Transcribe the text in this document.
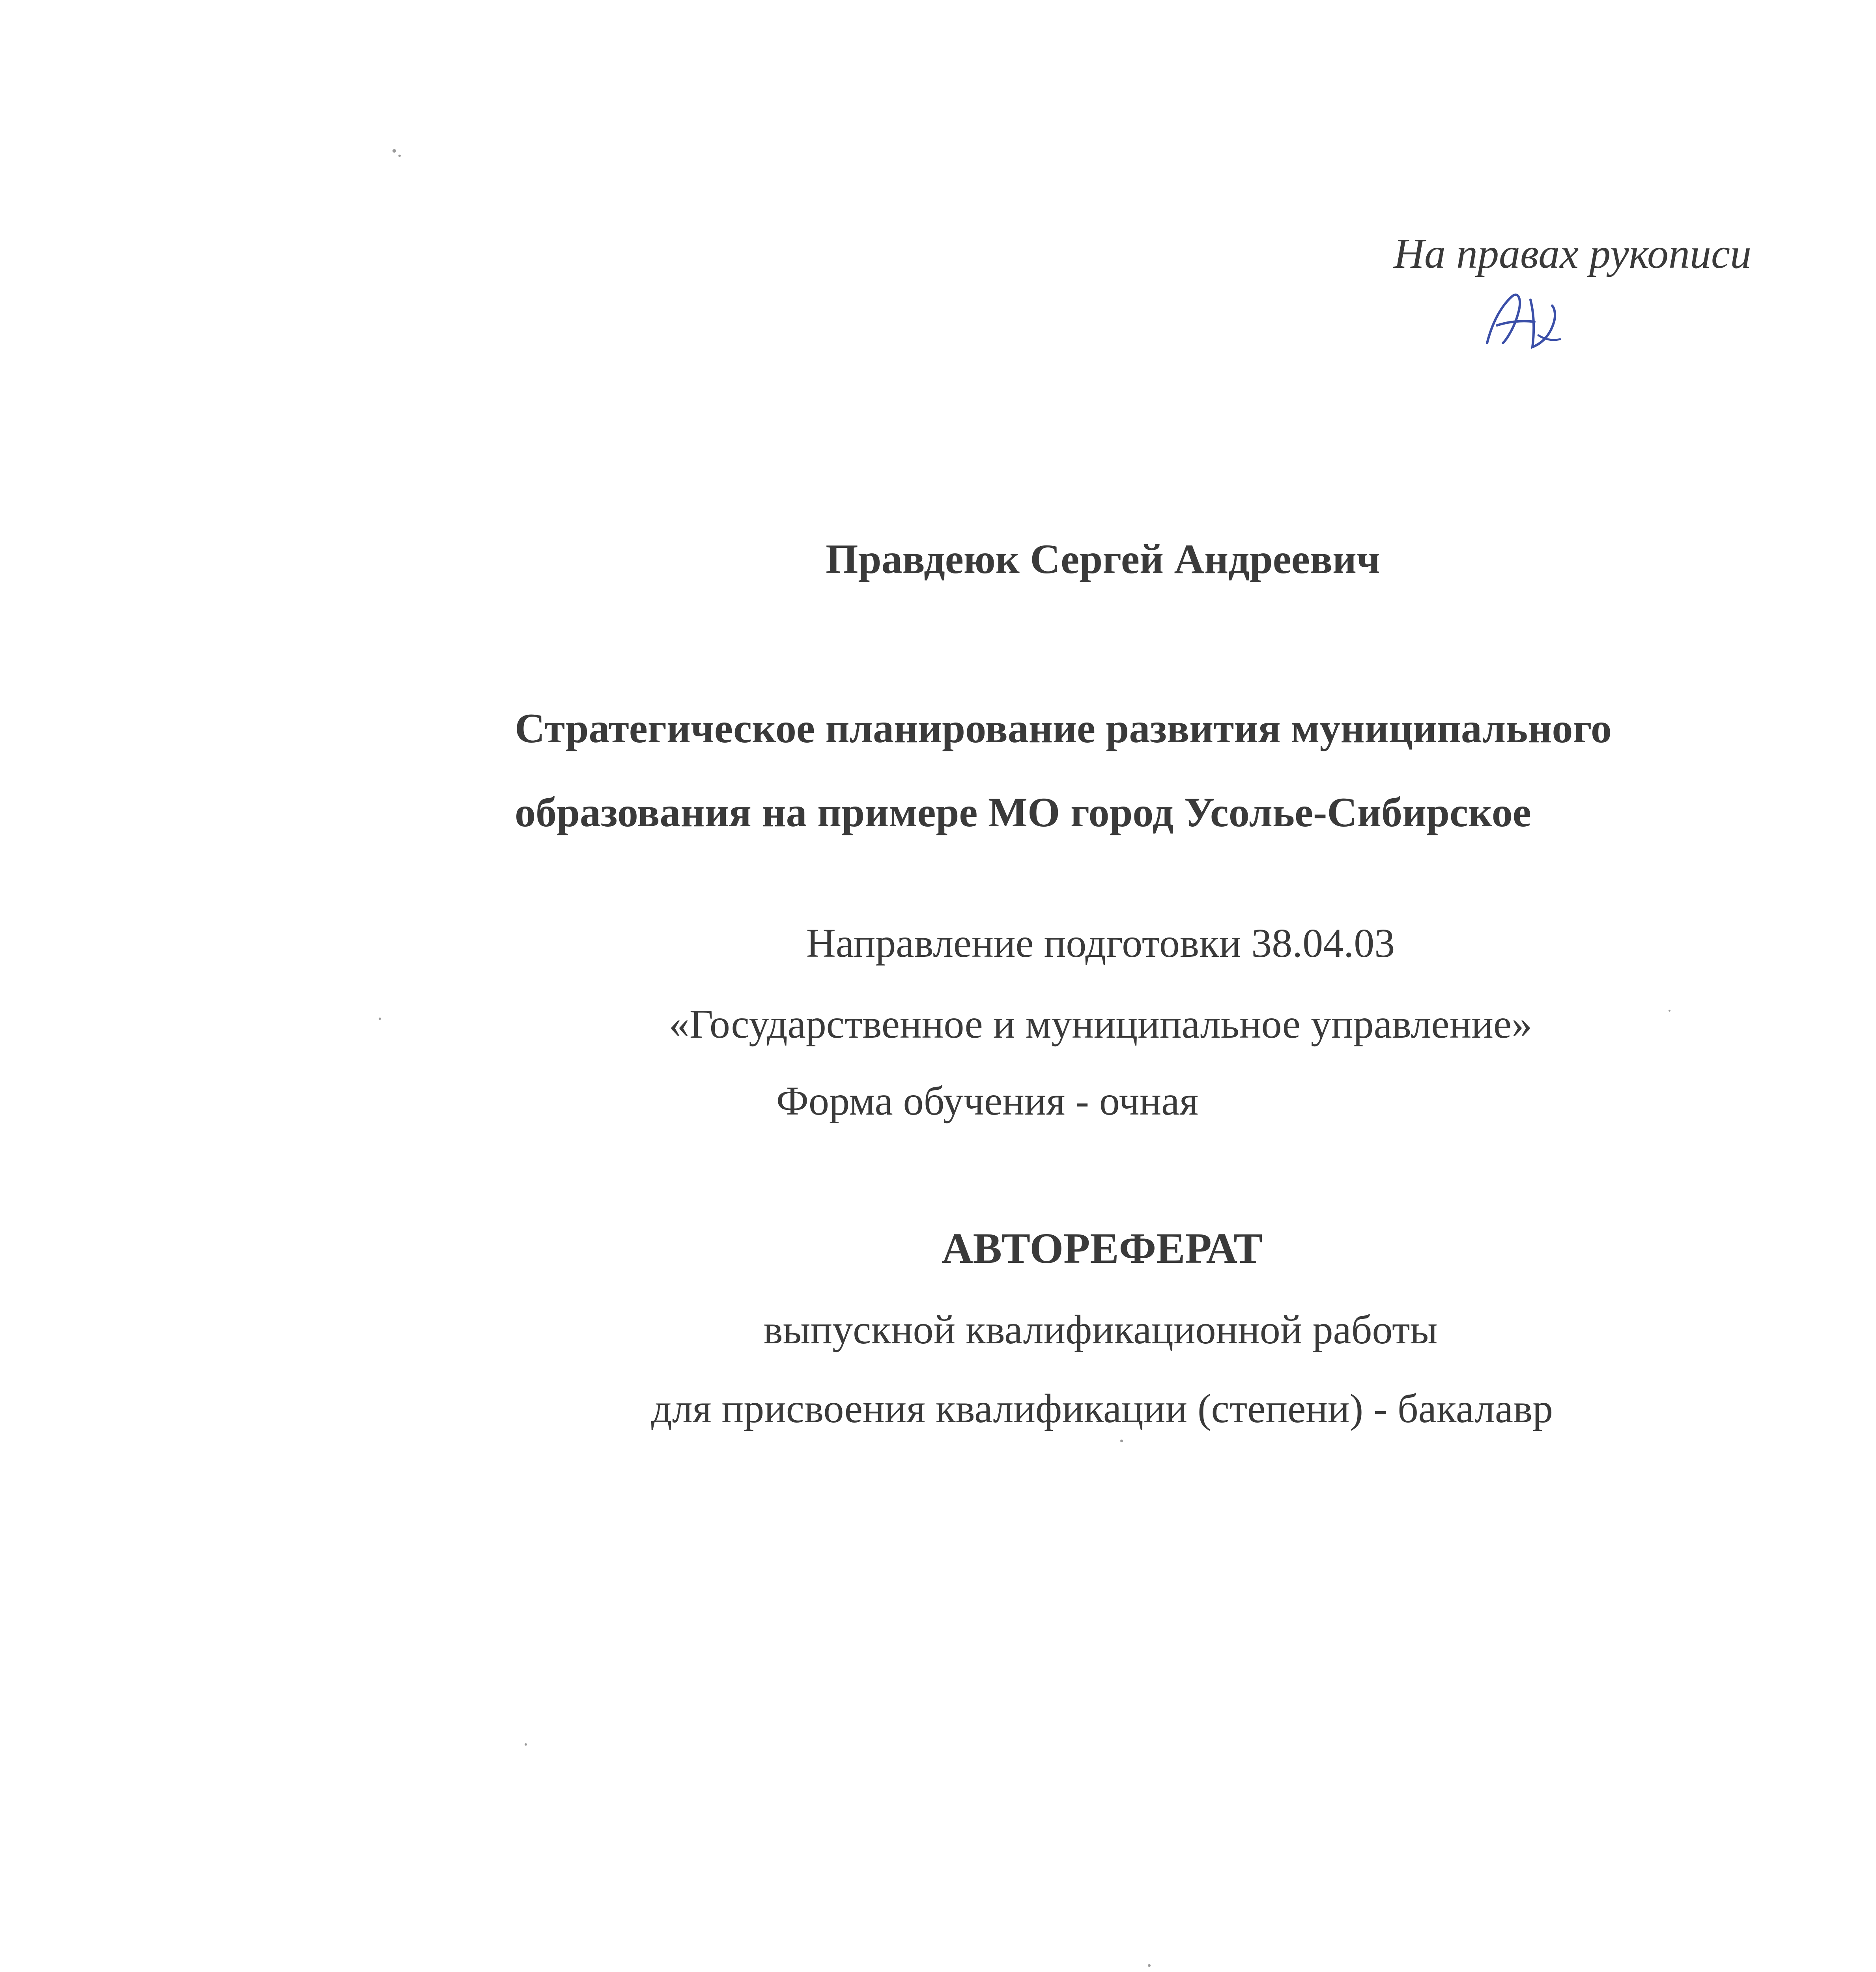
На правах рукописи
Правдеюк Сергей Андреевич
Стратегическое планирование развития муниципального
образования на примере МО город Усолье-Сибирское
Направление подготовки 38.04.03
«Государственное и муниципальное управление»
Форма обучения - очная
АВТОРЕФЕРАТ
выпускной квалификационной работы
для присвоения квалификации (степени) - бакалавр
